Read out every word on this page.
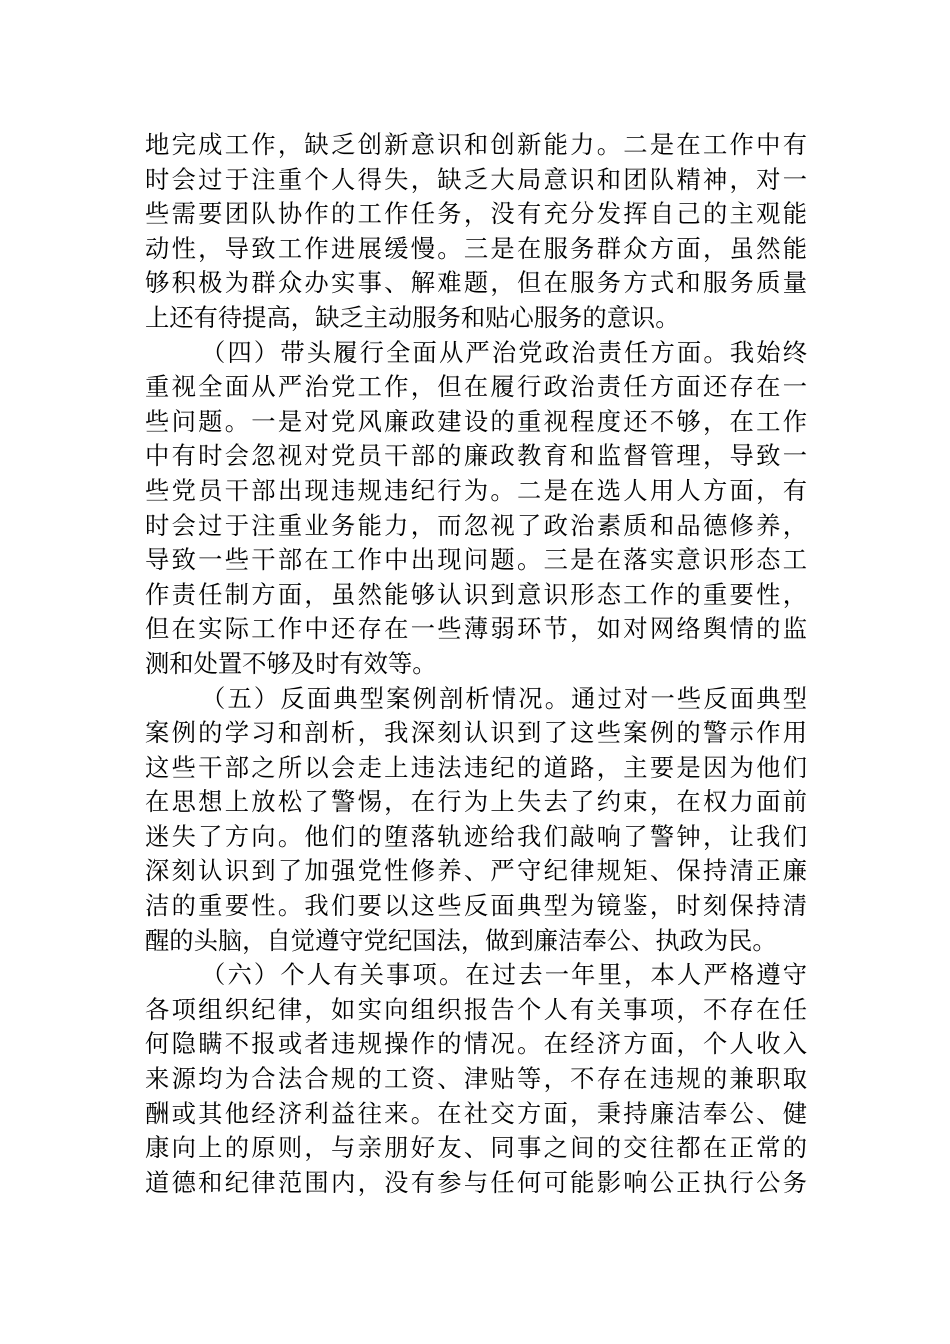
地完成工作，缺乏创新意识和创新能力。二是在工作中有
时会过于注重个人得失，缺乏大局意识和团队精神，对一
些需要团队协作的工作任务，没有充分发挥自己的主观能
动性，导致工作进展缓慢。三是在服务群众方面，虽然能
够积极为群众办实事、解难题，但在服务方式和服务质量
上还有待提高，缺乏主动服务和贴心服务的意识。
（四）带头履行全面从严治党政治责任方面。我始终
重视全面从严治党工作，但在履行政治责任方面还存在一
些问题。一是对党风廉政建设的重视程度还不够，在工作
中有时会忽视对党员干部的廉政教育和监督管理，导致一
些党员干部出现违规违纪行为。二是在选人用人方面，有
时会过于注重业务能力，而忽视了政治素质和品德修养，
导致一些干部在工作中出现问题。三是在落实意识形态工
作责任制方面，虽然能够认识到意识形态工作的重要性，
但在实际工作中还存在一些薄弱环节，如对网络舆情的监
测和处置不够及时有效等。
（五）反面典型案例剖析情况。通过对一些反面典型
案例的学习和剖析，我深刻认识到了这些案例的警示作用
这些干部之所以会走上违法违纪的道路，主要是因为他们
在思想上放松了警惕，在行为上失去了约束，在权力面前
迷失了方向。他们的堕落轨迹给我们敲响了警钟，让我们
深刻认识到了加强党性修养、严守纪律规矩、保持清正廉
洁的重要性。我们要以这些反面典型为镜鉴，时刻保持清
醒的头脑，自觉遵守党纪国法，做到廉洁奉公、执政为民。
（六）个人有关事项。在过去一年里，本人严格遵守
各项组织纪律，如实向组织报告个人有关事项，不存在任
何隐瞒不报或者违规操作的情况。在经济方面，个人收入
来源均为合法合规的工资、津贴等，不存在违规的兼职取
酬或其他经济利益往来。在社交方面，秉持廉洁奉公、健
康向上的原则，与亲朋好友、同事之间的交往都在正常的
道德和纪律范围内，没有参与任何可能影响公正执行公务
